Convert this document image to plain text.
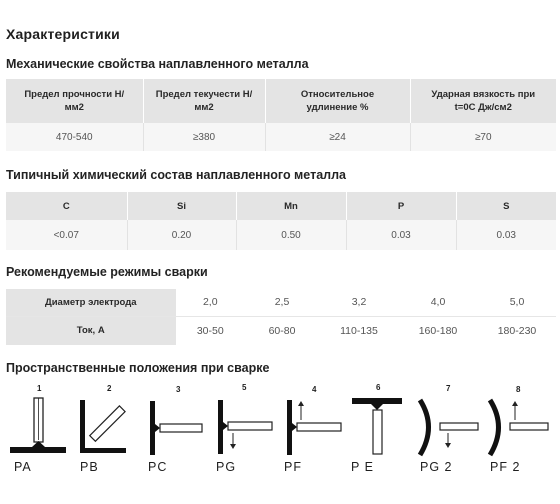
Характеристики
Механические свойства наплавленного металла
Предел прочности Н/мм2	Предел текучести Н/мм2	Относительное удлинение %	Ударная вязкость при t=0С Дж/см2
470-540	≥380	≥24	≥70
Типичный химический состав наплавленного металла
C	Si	Mn	P	S
<0.07	0.20	0.50	0.03	0.03
Рекомендуемые режимы сварки
Диаметр электрода	2,0	2,5	3,2	4,0	5,0
Ток, А	30-50	60-80	110-135	160-180	180-230
Пространственные положения при сварке
1	2	3	5	4	6	7	8
PA	PB	PC	PG	PF	P E	PG 2	PF 2
